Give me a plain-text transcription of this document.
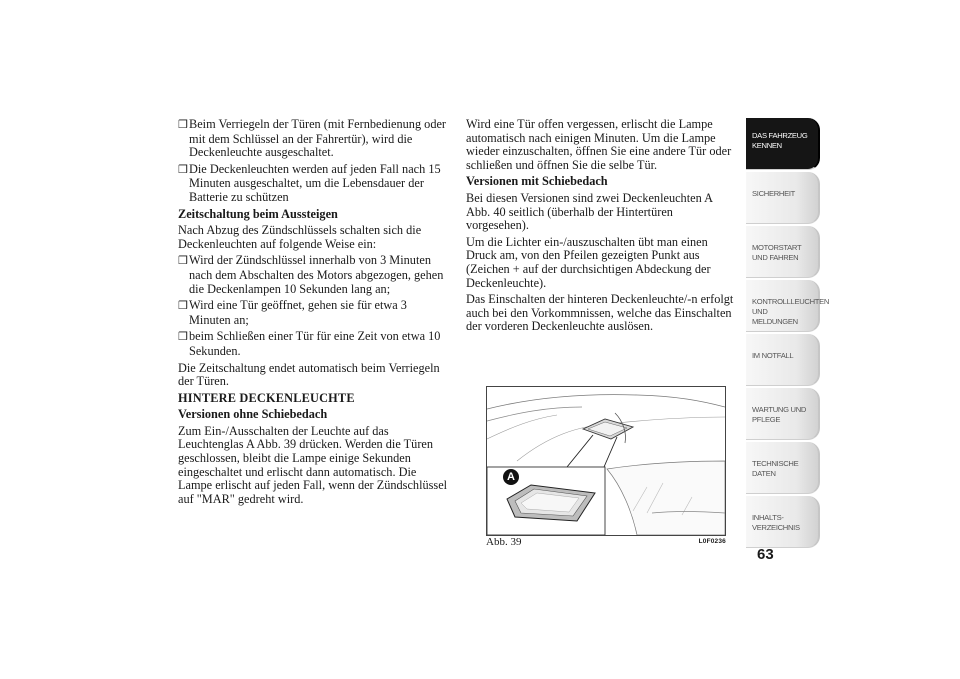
❒Beim Verriegeln der Türen (mit Fernbedienung oder mit dem Schlüssel an der Fahrertür), wird die Deckenleuchte ausgeschaltet.

❒Die Deckenleuchten werden auf jeden Fall nach 15 Minuten ausgeschaltet, um die Lebensdauer der Batterie zu schützen

Zeitschaltung beim Aussteigen

Nach Abzug des Zündschlüssels schalten sich die Deckenleuchten auf folgende Weise ein:

❒Wird der Zündschlüssel innerhalb von 3 Minuten nach dem Abschalten des Motors abgezogen, gehen die Deckenlampen 10 Sekunden lang an;

❒Wird eine Tür geöffnet, gehen sie für etwa 3 Minuten an;

❒beim Schließen einer Tür für eine Zeit von etwa 10 Sekunden.

Die Zeitschaltung endet automatisch beim Verriegeln der Türen.

HINTERE DECKENLEUCHTE

Versionen ohne Schiebedach

Zum Ein-/Ausschalten der Leuchte auf das Leuchtenglas A Abb. 39 drücken. Werden die Türen geschlossen, bleibt die Lampe einige Sekunden eingeschaltet und erlischt dann automatisch. Die Lampe erlischt auf jeden Fall, wenn der Zündschlüssel auf "MAR" gedreht wird.

Wird eine Tür offen vergessen, erlischt die Lampe automatisch nach einigen Minuten. Um die Lampe wieder einzuschalten, öffnen Sie eine andere Tür oder schließen und öffnen Sie die selbe Tür.

Versionen mit Schiebedach

Bei diesen Versionen sind zwei Deckenleuchten A Abb. 40 seitlich (überhalb der Hintertüren vorgesehen).

Um die Lichter ein-/auszuschalten übt man einen Druck am, von den Pfeilen gezeigten Punkt aus (Zeichen + auf der durchsichtigen Abdeckung der Deckenleuchte).

Das Einschalten der hinteren Deckenleuchte/-n erfolgt auch bei den Vorkommnissen, welche das Einschalten der vorderen Deckenleuchte auslösen.

A
Abb. 39	L0F0236
DAS FAHRZEUG KENNEN
SICHERHEIT
MOTORSTART UND FAHREN
KONTROLLLEUCHTEN UND MELDUNGEN
IM NOTFALL
WARTUNG UND PFLEGE
TECHNISCHE DATEN
INHALTS-VERZEICHNIS
63
